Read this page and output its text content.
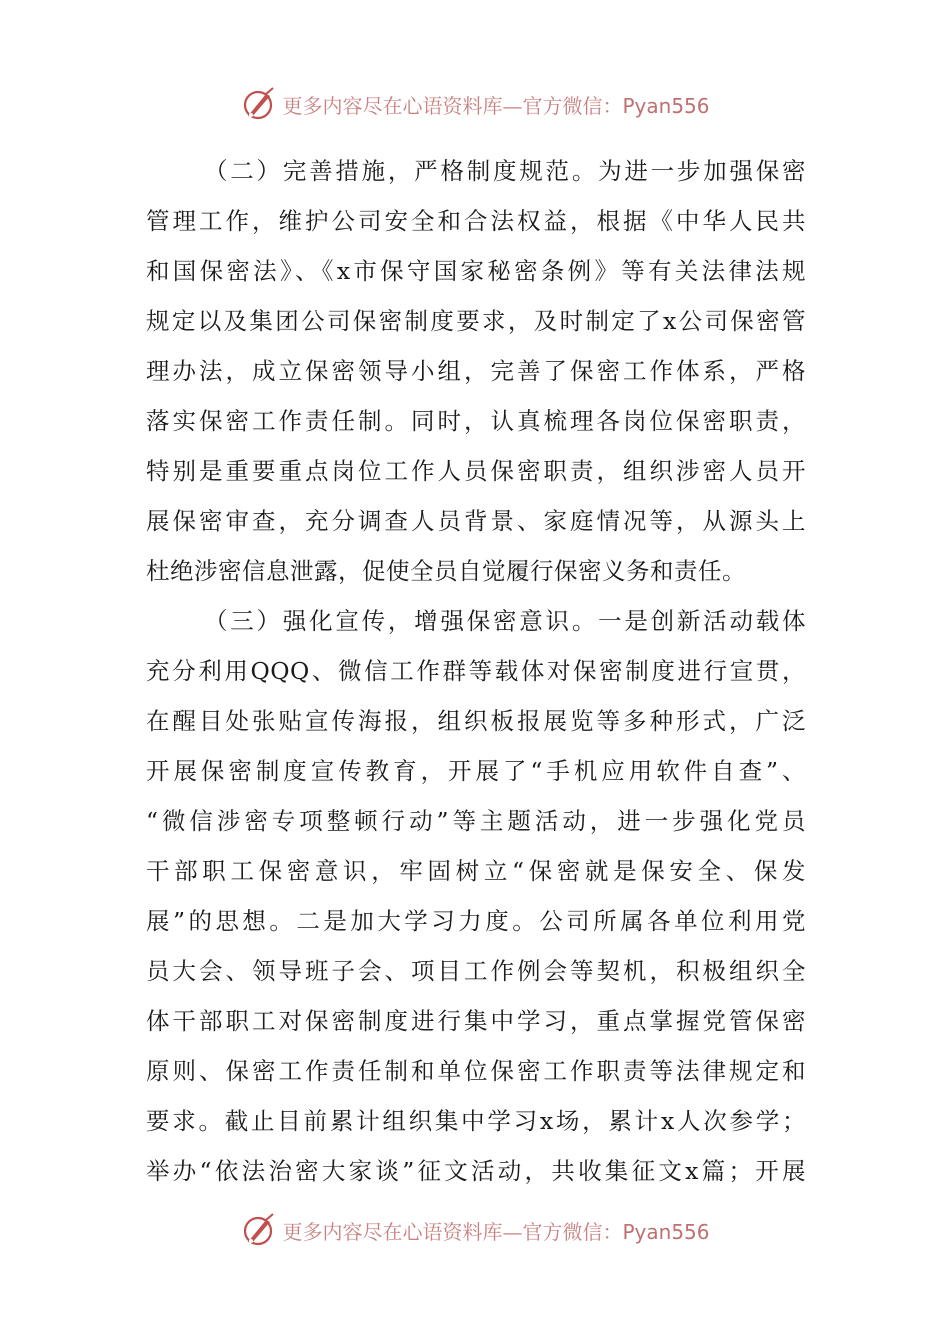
更多内容尽在心语资料库—官方微信：Pyan556
（二）完善措施，严格制度规范。为进一步加强保密
管理工作，维护公司安全和合法权益，根据《中华人民共
和国保密法》、《x市保守国家秘密条例》等有关法律法规
规定以及集团公司保密制度要求，及时制定了x公司保密管
理办法，成立保密领导小组，完善了保密工作体系，严格
落实保密工作责任制。同时，认真梳理各岗位保密职责，
特别是重要重点岗位工作人员保密职责，组织涉密人员开
展保密审查，充分调查人员背景、家庭情况等，从源头上
杜绝涉密信息泄露，促使全员自觉履行保密义务和责任。
（三）强化宣传，增强保密意识。一是创新活动载体
充分利用QQQ、微信工作群等载体对保密制度进行宣贯，
在醒目处张贴宣传海报，组织板报展览等多种形式，广泛
开展保密制度宣传教育，开展了“手机应用软件自查”、
“微信涉密专项整顿行动”等主题活动，进一步强化党员
干部职工保密意识，牢固树立“保密就是保安全、保发
展”的思想。二是加大学习力度。公司所属各单位利用党
员大会、领导班子会、项目工作例会等契机，积极组织全
体干部职工对保密制度进行集中学习，重点掌握党管保密
原则、保密工作责任制和单位保密工作职责等法律规定和
要求。截止目前累计组织集中学习x场，累计x人次参学；
举办“依法治密大家谈”征文活动，共收集征文x篇；开展
更多内容尽在心语资料库—官方微信：Pyan556
